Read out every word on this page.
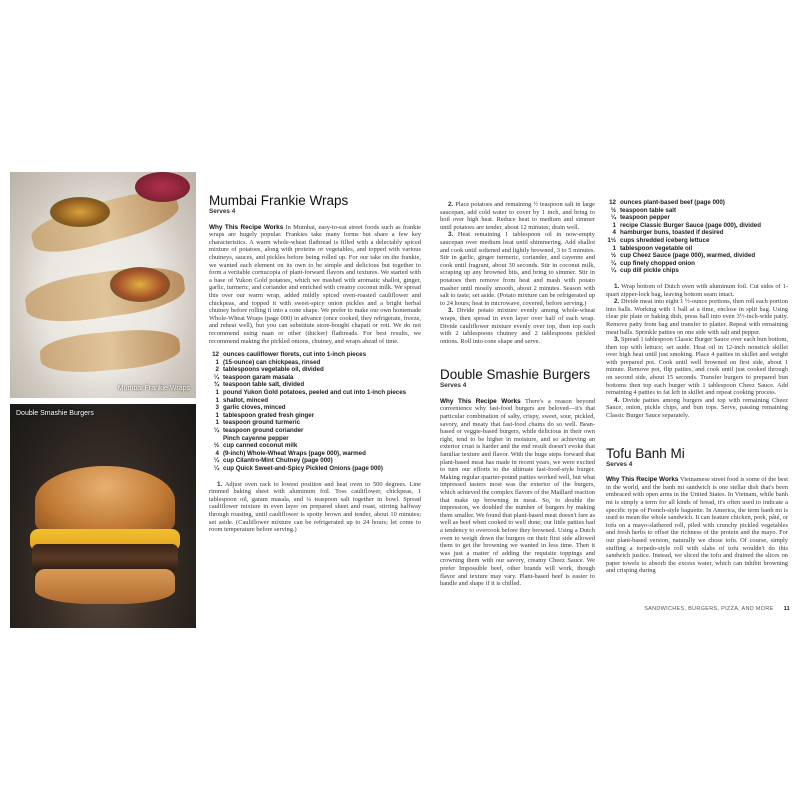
Mumbai Frankie Wraps
Double Smashie Burgers
Mumbai Frankie Wraps
Serves 4

Why This Recipe Works In Mumbai, easy-to-eat street foods such as frankie wraps are hugely popular. Frankies take many forms but share a few key characteristics. A warm whole-wheat flatbread is filled with a delectably spiced mixture of potatoes, along with proteins or vegetables, and topped with various chutneys, sauces, and pickles before being rolled up. For our take on the frankie, we wanted each element on its own to be simple and delicious but together to form a veritable cornucopia of plant-forward flavors and textures. We started with a base of Yukon Gold potatoes, which we mashed with aromatic shallot, ginger, garlic, turmeric, and coriander and enriched with creamy coconut milk. We spread this over our warm wrap, added mildly spiced oven-roasted cauliflower and chickpeas, and topped it with sweet-spicy onion pickles and a bright herbal chutney before rolling it into a cone shape. We prefer to make our own homemade Whole-Wheat Wraps (page 000) in advance (once cooked, they refrigerate, freeze, and reheat well), but you can substitute store-bought chapati or roti. We do not recommend using naan or other (thicker) flatbreads. For best results, we recommend making the pickled onions, chutney, and wraps ahead of time.

12 ounces cauliflower florets, cut into 1-inch pieces
1 (15-ounce) can chickpeas, rinsed
2 tablespoons vegetable oil, divided
¼ teaspoon garam masala
¾ teaspoon table salt, divided
1 pound Yukon Gold potatoes, peeled and cut into 1-inch pieces
1 shallot, minced
3 garlic cloves, minced
1 tablespoon grated fresh ginger
1 teaspoon ground turmeric
¼ teaspoon ground coriander
Pinch cayenne pepper
½ cup canned coconut milk
4 (9-inch) Whole-Wheat Wraps (page 000), warmed
¼ cup Cilantro-Mint Chutney (page 000)
¼ cup Quick Sweet-and-Spicy Pickled Onions (page 000)

1. Adjust oven rack to lowest position and heat oven to 500 degrees. Line rimmed baking sheet with aluminum foil. Toss cauliflower, chickpeas, 1 tablespoon oil, garam masala, and ¼ teaspoon salt together in bowl. Spread cauliflower mixture in even layer on prepared sheet and roast, stirring halfway through roasting, until cauliflower is spotty brown and tender, about 10 minutes; set aside. (Cauliflower mixture can be refrigerated up to 24 hours; let come to room temperature before serving.)

2. Place potatoes and remaining ½ teaspoon salt in large saucepan, add cold water to cover by 1 inch, and bring to boil over high heat. Reduce heat to medium and simmer until potatoes are tender, about 12 minutes; drain well.

3. Heat remaining 1 tablespoon oil in now-empty saucepan over medium heat until shimmering. Add shallot and cook until softened and lightly browned, 3 to 5 minutes. Stir in garlic, ginger turmeric, coriander, and cayenne and cook until fragrant, about 30 seconds. Stir in coconut milk, scraping up any browned bits, and bring to simmer. Stir in potatoes then remove from heat and mash with potato masher until mostly smooth, about 2 minutes. Season with salt to taste; set aside. (Potato mixture can be refrigerated up to 24 hours; heat in microwave, covered, before serving.)

3. Divide potato mixture evenly among whole-wheat wraps, then spread in even layer over half of each wrap. Divide cauliflower mixture evenly over top, then top each with 2 tablespoons chutney and 2 tablespoons pickled onions. Roll into cone shape and serve.

Double Smashie Burgers
Serves 4

Why This Recipe Works There's a reason beyond convenience why fast-food burgers are beloved—it's that particular combination of salty, crispy, sweet, sour, pickled, savory, and meaty that fast-food chains do so well. Bean-based or veggie-based burgers, while delicious in their own right, tend to be higher in moisture, and so achieving an exterior crust is harder and the end result doesn't evoke that familiar texture and flavor. With the huge steps forward that plant-based meat has made in recent years, we were excited to turn our efforts to the ultimate fast-food-style burger. Making regular quarter-pound patties worked well, but what impressed tasters most was the exterior of the burgers, which achieved the complex flavors of the Maillard reaction that make up browning in meat. So, to double the impression, we doubled the number of burgers by making them smaller. We found that plant-based meat doesn't fare as well as beef when cooked to well done; our little patties had a tendency to overcook before they browned. Using a Dutch oven to weigh down the burgers on their first side allowed them to get the browning we wanted in less time. Then it was just a matter of adding the requisite toppings and crowning them with our savory, creamy Cheez Sauce. We prefer Impossible beef, other brands will work, though flavor and texture may vary. Plant-based beef is easier to handle and shape if it is chilled.

12 ounces plant-based beef (page 000)
½ teaspoon table salt
¼ teaspoon pepper
1 recipe Classic Burger Sauce (page 000), divided
4 hamburger buns, toasted if desired
1½ cups shredded iceberg lettuce
1 tablespoon vegetable oil
½ cup Cheez Sauce (page 000), warmed, divided
¼ cup finely chopped onion
¼ cup dill pickle chips

1. Wrap bottom of Dutch oven with aluminum foil. Cut sides of 1-quart zipper-lock bag, leaving bottom seam intact.

2. Divide meat into eight 1 ½-ounce portions, then roll each portion into balls. Working with 1 ball at a time, enclose in split bag. Using clear pie plate or baking dish, press ball into even 3½-inch-wide patty. Remove patty from bag and transfer to platter. Repeat with remaining meat balls. Sprinkle patties on one side with salt and pepper.

3. Spread 1 tablespoon Classic Burger Sauce over each bun bottom, then top with lettuce; set aside. Heat oil in 12-inch nonstick skillet over high heat until just smoking. Place 4 patties in skillet and weight with prepared pot. Cook until well browned on first side, about 1 minute. Remove pot, flip patties, and cook until just cooked through on second side, about 15 seconds. Transfer burgers to prepared bun bottoms then top each burger with 1 tablespoon Cheez Sauce. Add remaining 4 patties to fat left in skillet and repeat cooking process.

4. Divide patties among burgers and top with remaining Cheez Sauce, onion, pickle chips, and bun tops. Serve, passing remaining Classic Burger Sauce separately.

Tofu Banh Mi
Serves 4

Why This Recipe Works Vietnamese street food is some of the best in the world, and the banh mi sandwich is one stellar dish that's been embraced with open arms in the United States. In Vietnam, while banh mi is simply a term for all kinds of bread, it's often used to indicate a specific type of French-style baguette. In America, the term banh mi is used to mean the whole sandwich. It can feature chicken, pork, pâté, or tofu on a mayo-slathered roll, piled with crunchy pickled vegetables and fresh herbs to offset the richness of the protein and the mayo. For our plant-based version, naturally we chose tofu. Of course, simply stuffing a torpedo-style roll with slabs of tofu wouldn't do this sandwich justice. Instead, we sliced the tofu and drained the slices on paper towels to absorb the excess water, which can inhibit browning and crisping during

SANDWICHES, BURGERS, PIZZA, AND MORE 11
